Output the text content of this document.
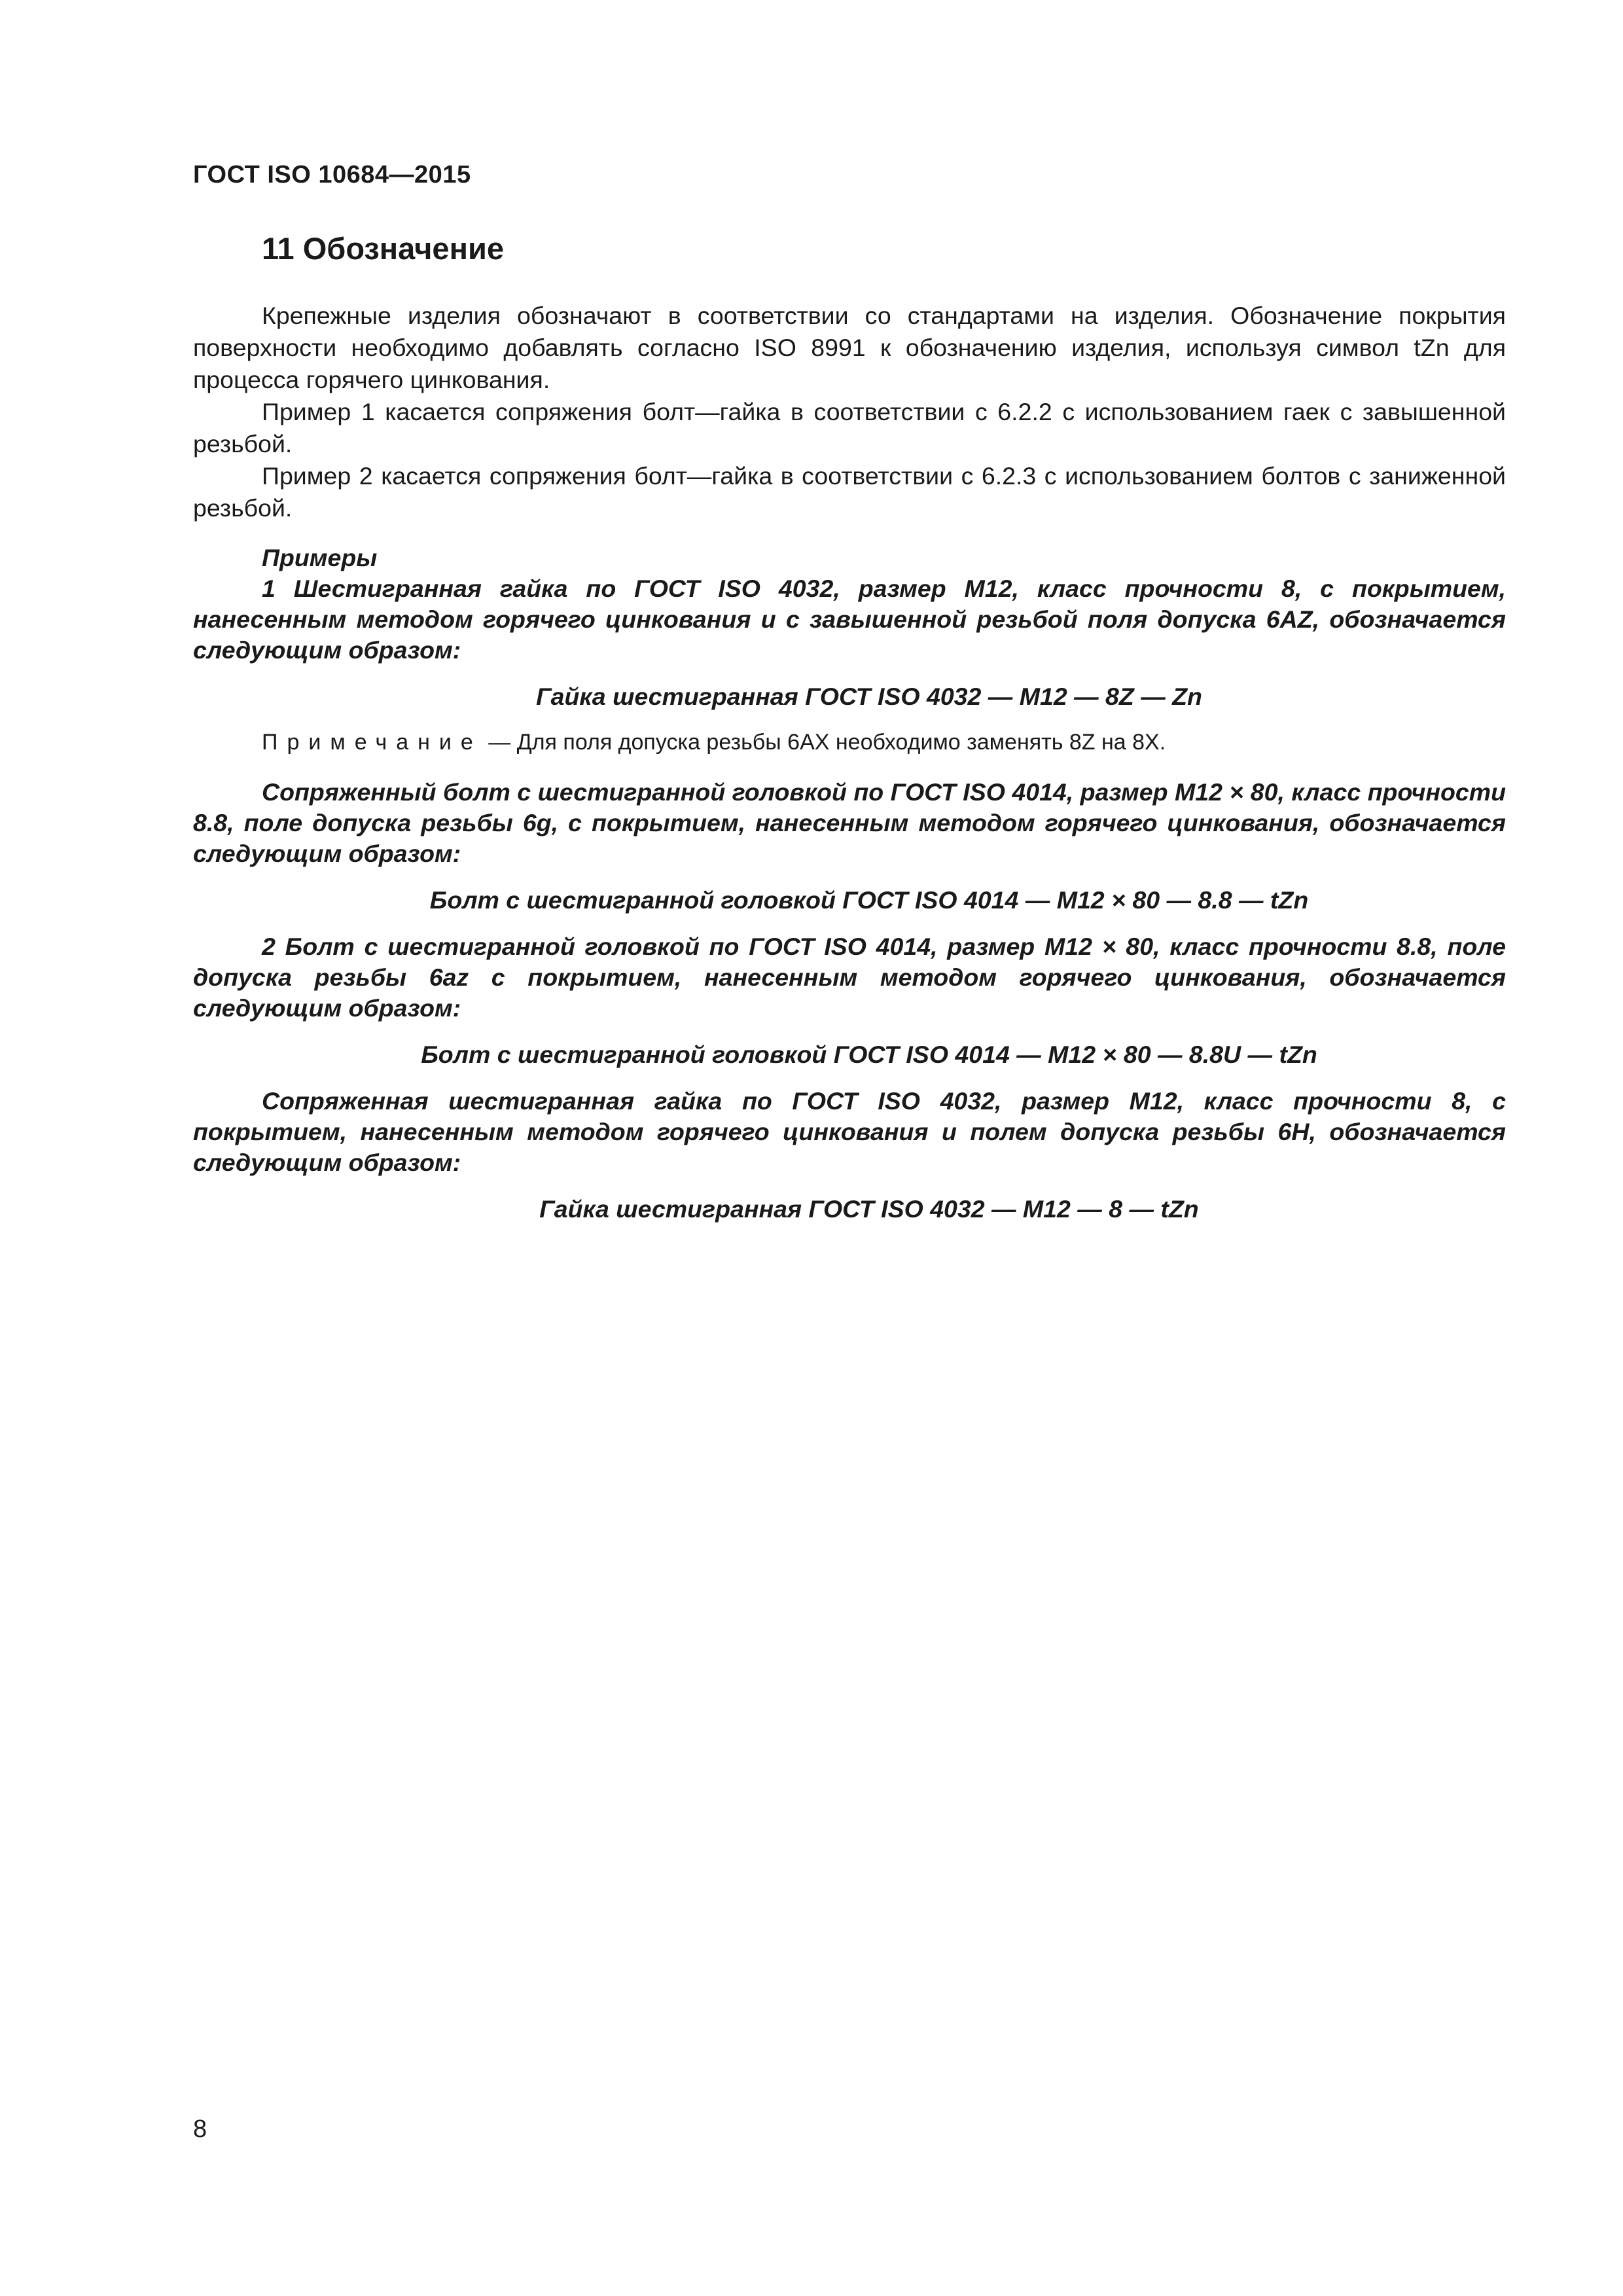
ГОСТ ISO 10684—2015
11 Обозначение

Крепежные изделия обозначают в соответствии со стандартами на изделия. Обозначение покрытия поверхности необходимо добавлять согласно ISO 8991 к обозначению изделия, используя символ tZn для процесса горячего цинкования.

Пример 1 касается сопряжения болт—гайка в соответствии с 6.2.2 с использованием гаек с завышенной резьбой.

Пример 2 касается сопряжения болт—гайка в соответствии с 6.2.3 с использованием болтов с заниженной резьбой.

Примеры

1 Шестигранная гайка по ГОСТ ISO 4032, размер M12, класс прочности 8, с покрытием, нанесенным методом горячего цинкования и с завышенной резьбой поля допуска 6AZ, обозначается следующим образом:

Гайка шестигранная ГОСТ ISO 4032 — M12 — 8Z — Zn

Примечание — Для поля допуска резьбы 6AX необходимо заменять 8Z на 8X.

Сопряженный болт с шестигранной головкой по ГОСТ ISO 4014, размер M12 × 80, класс прочности 8.8, поле допуска резьбы 6g, с покрытием, нанесенным методом горячего цинкования, обозначается следующим образом:

Болт с шестигранной головкой ГОСТ ISO 4014 — M12 × 80 — 8.8 — tZn

2 Болт с шестигранной головкой по ГОСТ ISO 4014, размер M12 × 80, класс прочности 8.8, поле допуска резьбы 6az с покрытием, нанесенным методом горячего цинкования, обозначается следующим образом:

Болт с шестигранной головкой ГОСТ ISO 4014 — M12 × 80 — 8.8U — tZn

Сопряженная шестигранная гайка по ГОСТ ISO 4032, размер M12, класс прочности 8, с покрытием, нанесенным методом горячего цинкования и полем допуска резьбы 6H, обозначается следующим образом:

Гайка шестигранная ГОСТ ISO 4032 — M12 — 8 — tZn

8
